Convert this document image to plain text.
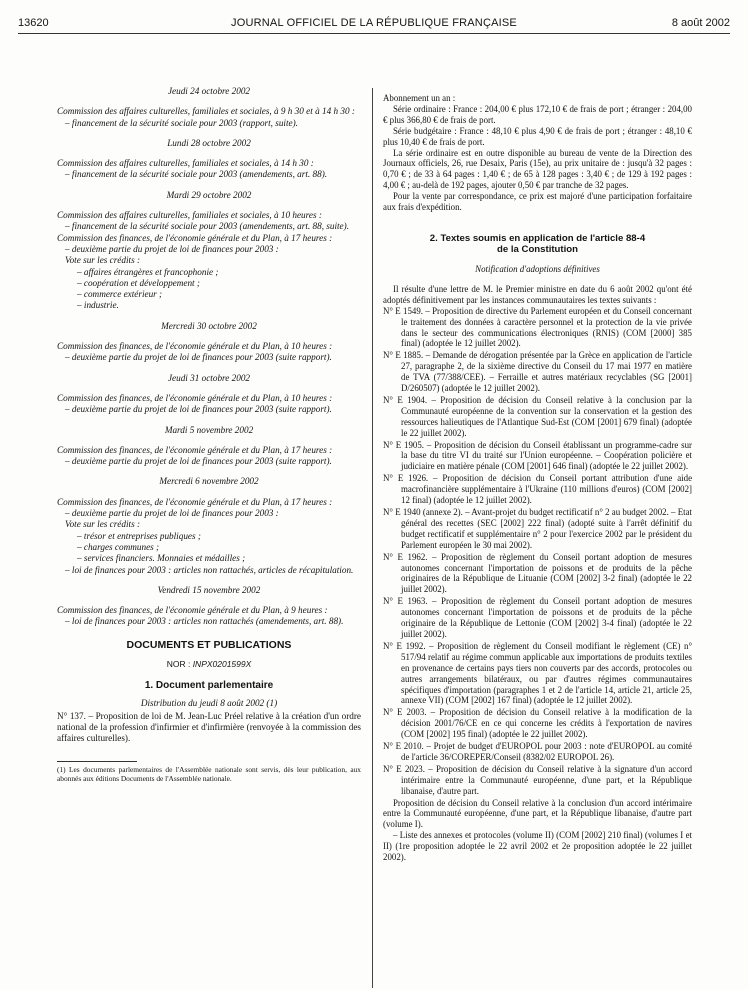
13620	JOURNAL OFFICIEL DE LA RÉPUBLIQUE FRANÇAISE	8 août 2002
Jeudi 24 octobre 2002
Commission des affaires culturelles, familiales et sociales, à 9 h 30 et à 14 h 30 :
– financement de la sécurité sociale pour 2003 (rapport, suite).
Lundi 28 octobre 2002
Commission des affaires culturelles, familiales et sociales, à 14 h 30 :
– financement de la sécurité sociale pour 2003 (amendements, art. 88).
Mardi 29 octobre 2002
Commission des affaires culturelles, familiales et sociales, à 10 heures :
– financement de la sécurité sociale pour 2003 (amendements, art. 88, suite).
Commission des finances, de l'économie générale et du Plan, à 17 heures :
– deuxième partie du projet de loi de finances pour 2003 :
Vote sur les crédits :
– affaires étrangères et francophonie ;
– coopération et développement ;
– commerce extérieur ;
– industrie.
Mercredi 30 octobre 2002
Commission des finances, de l'économie générale et du Plan, à 10 heures :
– deuxième partie du projet de loi de finances pour 2003 (suite rapport).
Jeudi 31 octobre 2002
Commission des finances, de l'économie générale et du Plan, à 10 heures :
– deuxième partie du projet de loi de finances pour 2003 (suite rapport).
Mardi 5 novembre 2002
Commission des finances, de l'économie générale et du Plan, à 17 heures :
– deuxième partie du projet de loi de finances pour 2003 (suite rapport).
Mercredi 6 novembre 2002
Commission des finances, de l'économie générale et du Plan, à 17 heures :
– deuxième partie du projet de loi de finances pour 2003 :
Vote sur les crédits :
– trésor et entreprises publiques ;
– charges communes ;
– services financiers. Monnaies et médailles ;
– loi de finances pour 2003 : articles non rattachés, articles de récapitulation.
Vendredi 15 novembre 2002
Commission des finances, de l'économie générale et du Plan, à 9 heures :
– loi de finances pour 2003 : articles non rattachés (amendements, art. 88).
DOCUMENTS ET PUBLICATIONS
NOR : INPX0201599X
1. Document parlementaire
Distribution du jeudi 8 août 2002 (1)
N° 137. – Proposition de loi de M. Jean-Luc Préel relative à la création d'un ordre national de la profession d'infirmier et d'infirmière (renvoyée à la commission des affaires culturelles).
(1) Les documents parlementaires de l'Assemblée nationale sont servis, dès leur publication, aux abonnés aux éditions Documents de l'Assemblée nationale.
Abonnement un an :
Série ordinaire : France : 204,00 € plus 172,10 € de frais de port ; étranger : 204,00 € plus 366,80 € de frais de port.
Série budgétaire : France : 48,10 € plus 4,90 € de frais de port ; étranger : 48,10 € plus 10,40 € de frais de port.
La série ordinaire est en outre disponible au bureau de vente de la Direction des Journaux officiels, 26, rue Desaix, Paris (15e), au prix unitaire de : jusqu'à 32 pages : 0,70 € ; de 33 à 64 pages : 1,40 € ; de 65 à 128 pages : 3,40 € ; de 129 à 192 pages : 4,00 € ; au-delà de 192 pages, ajouter 0,50 € par tranche de 32 pages.
Pour la vente par correspondance, ce prix est majoré d'une participation forfaitaire aux frais d'expédition.
2. Textes soumis en application de l'article 88-4
de la Constitution
Notification d'adoptions définitives
Il résulte d'une lettre de M. le Premier ministre en date du 6 août 2002 qu'ont été adoptés définitivement par les instances communautaires les textes suivants :
N° E 1549. – Proposition de directive du Parlement européen et du Conseil concernant le traitement des données à caractère personnel et la protection de la vie privée dans le secteur des communications électroniques (RNIS) (COM [2000] 385 final) (adoptée le 12 juillet 2002).
N° E 1885. – Demande de dérogation présentée par la Grèce en application de l'article 27, paragraphe 2, de la sixième directive du Conseil du 17 mai 1977 en matière de TVA (77/388/CEE). – Ferraille et autres matériaux recyclables (SG [2001] D/260507) (adoptée le 12 juillet 2002).
N° E 1904. – Proposition de décision du Conseil relative à la conclusion par la Communauté européenne de la convention sur la conservation et la gestion des ressources halieutiques de l'Atlantique Sud-Est (COM [2001] 679 final) (adoptée le 22 juillet 2002).
N° E 1905. – Proposition de décision du Conseil établissant un programme-cadre sur la base du titre VI du traité sur l'Union européenne. – Coopération policière et judiciaire en matière pénale (COM [2001] 646 final) (adoptée le 22 juillet 2002).
N° E 1926. – Proposition de décision du Conseil portant attribution d'une aide macrofinancière supplémentaire à l'Ukraine (110 millions d'euros) (COM [2002] 12 final) (adoptée le 12 juillet 2002).
N° E 1940 (annexe 2). – Avant-projet du budget rectificatif n° 2 au budget 2002. – Etat général des recettes (SEC [2002] 222 final) (adopté suite à l'arrêt définitif du budget rectificatif et supplémentaire n° 2 pour l'exercice 2002 par le président du Parlement européen le 30 mai 2002).
N° E 1962. – Proposition de règlement du Conseil portant adoption de mesures autonomes concernant l'importation de poissons et de produits de la pêche originaires de la République de Lituanie (COM [2002] 3-2 final) (adoptée le 22 juillet 2002).
N° E 1963. – Proposition de règlement du Conseil portant adoption de mesures autonomes concernant l'importation de poissons et de produits de la pêche originaire de la République de Lettonie (COM [2002] 3-4 final) (adoptée le 22 juillet 2002).
N° E 1992. – Proposition de règlement du Conseil modifiant le règlement (CE) n° 517/94 relatif au régime commun applicable aux importations de produits textiles en provenance de certains pays tiers non couverts par des accords, protocoles ou autres arrangements bilatéraux, ou par d'autres régimes communautaires spécifiques d'importation (paragraphes 1 et 2 de l'article 14, article 21, article 25, annexe VII) (COM [2002] 167 final) (adoptée le 12 juillet 2002).
N° E 2003. – Proposition de décision du Conseil relative à la modification de la décision 2001/76/CE en ce qui concerne les crédits à l'exportation de navires (COM [2002] 195 final) (adoptée le 22 juillet 2002).
N° E 2010. – Projet de budget d'EUROPOL pour 2003 : note d'EUROPOL au comité de l'article 36/COREPER/Conseil (8382/02 EUROPOL 26).
N° E 2023. – Proposition de décision du Conseil relative à la signature d'un accord intérimaire entre la Communauté européenne, d'une part, et la République libanaise, d'autre part.
Proposition de décision du Conseil relative à la conclusion d'un accord intérimaire entre la Communauté européenne, d'une part, et la République libanaise, d'autre part (volume I).
– Liste des annexes et protocoles (volume II) (COM [2002] 210 final) (volumes I et II) (1re proposition adoptée le 22 avril 2002 et 2e proposition adoptée le 22 juillet 2002).
